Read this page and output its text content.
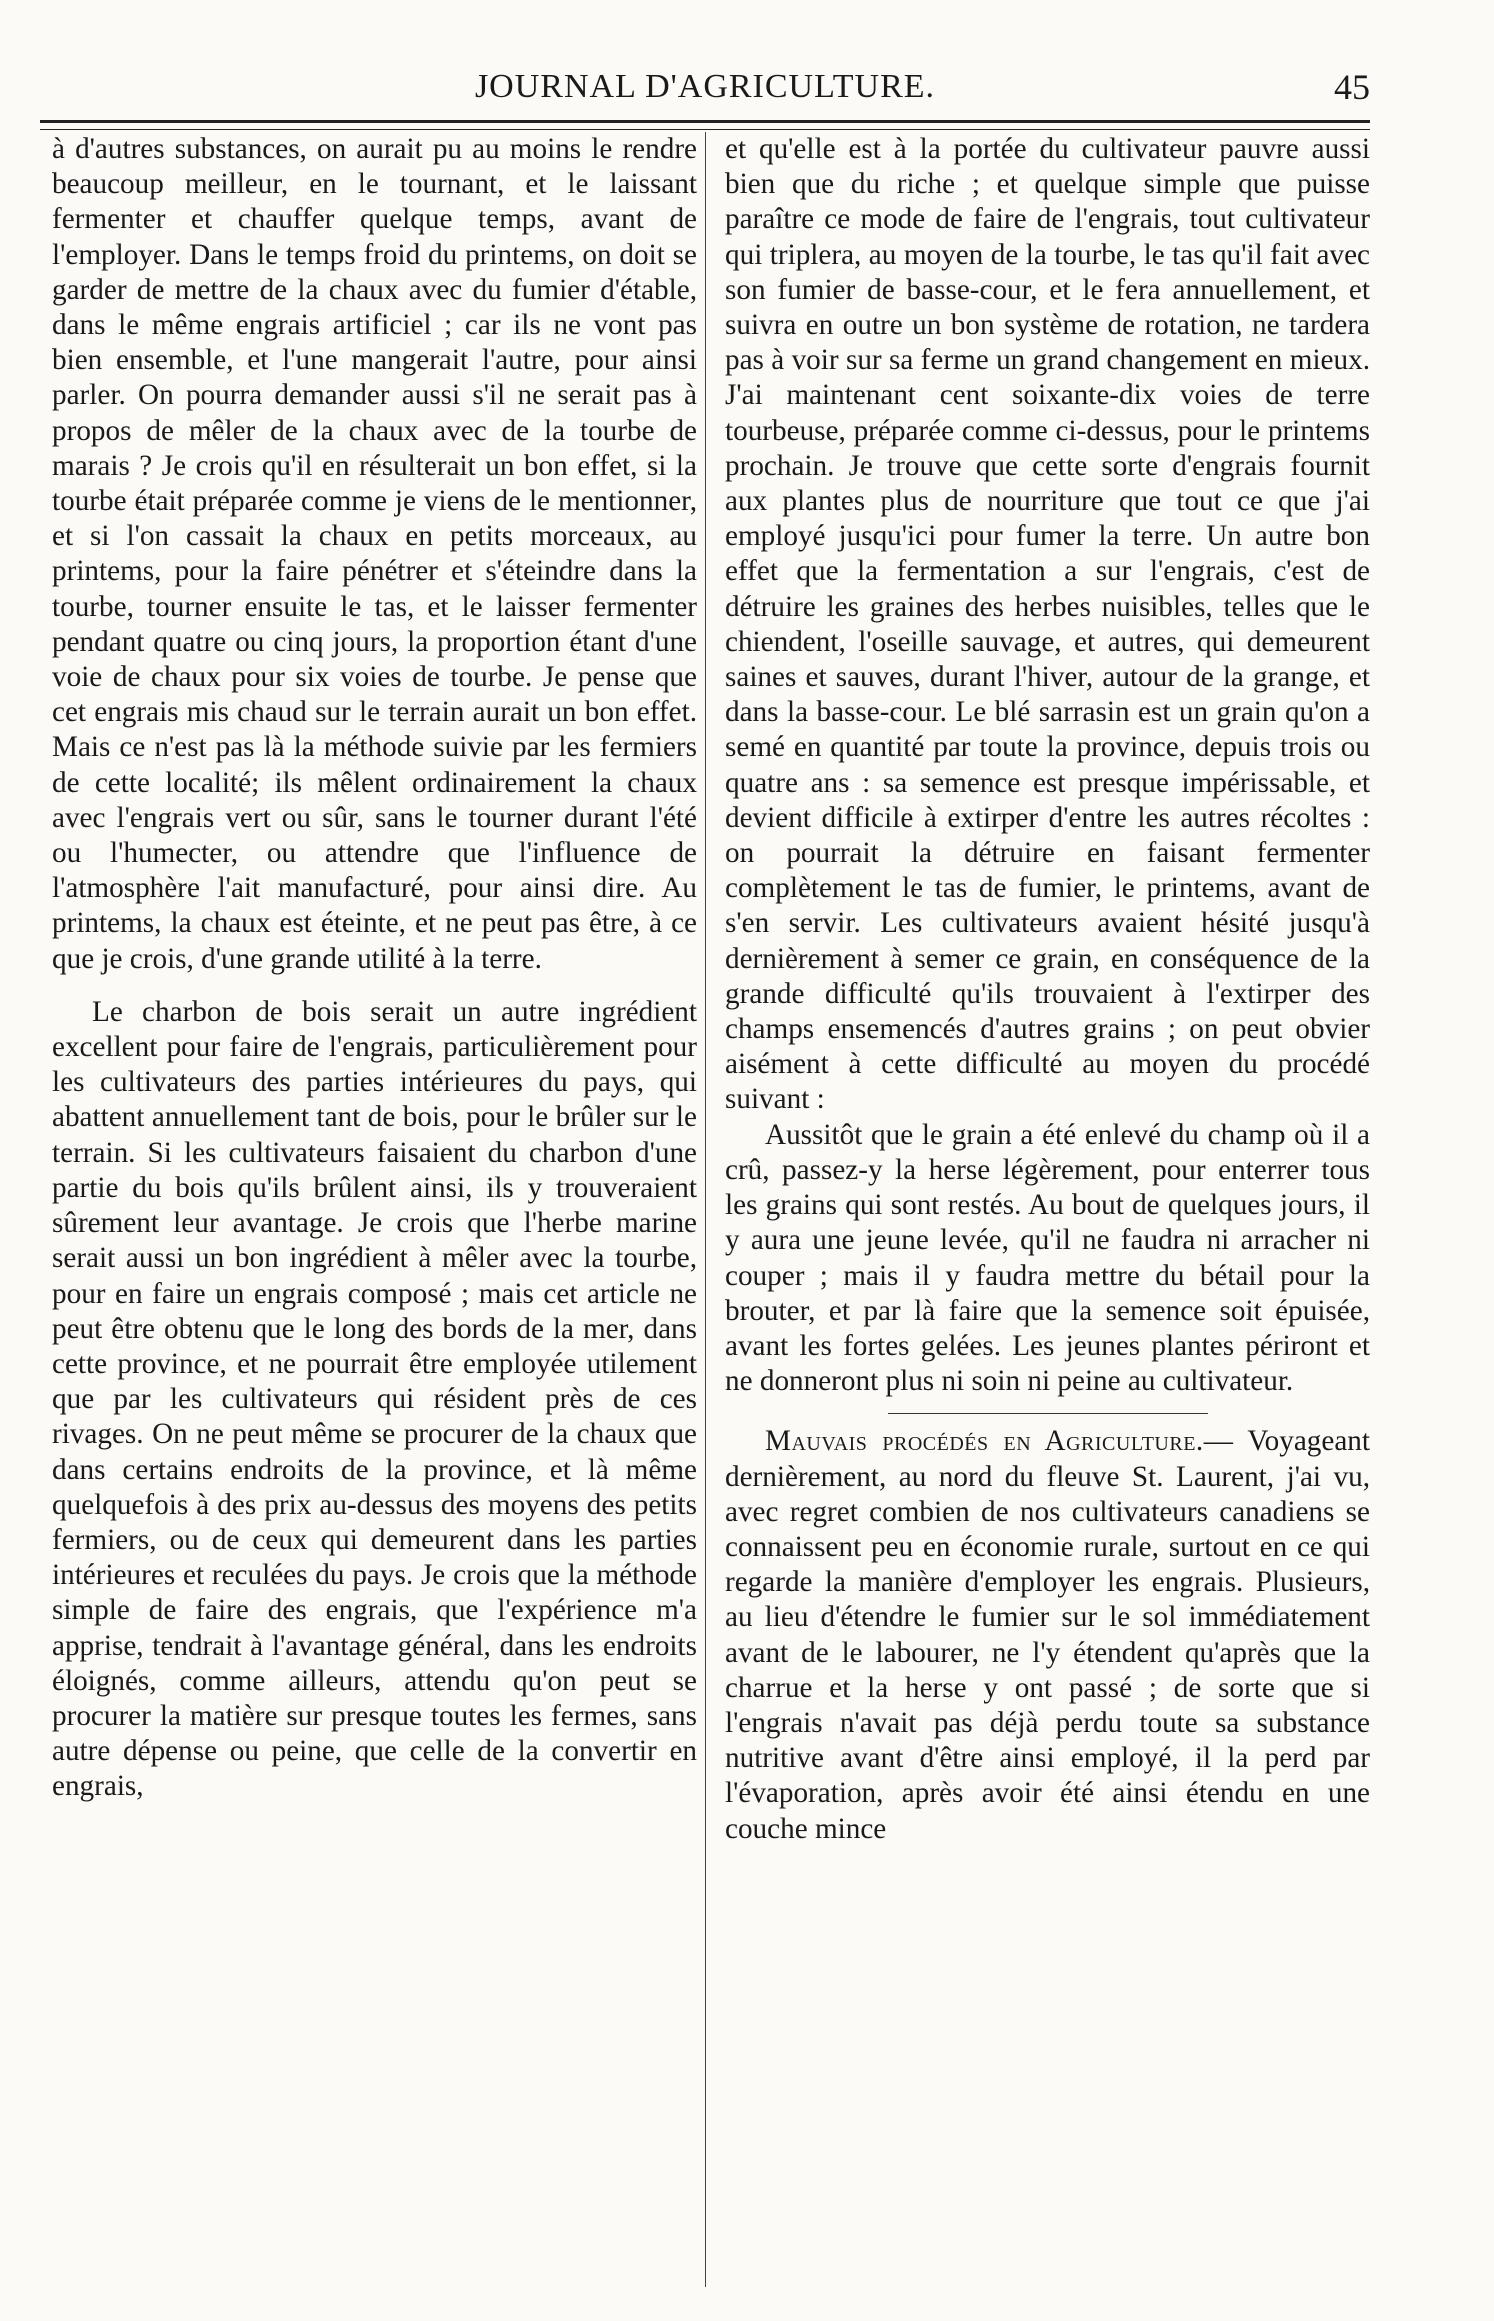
JOURNAL D'AGRICULTURE.	45

à d'autres substances, on aurait pu au moins le rendre beaucoup meilleur, en le tournant, et le laissant fermenter et chauffer quelque temps, avant de l'employer. Dans le temps froid du printems, on doit se garder de mettre de la chaux avec du fumier d'étable, dans le même engrais artificiel ; car ils ne vont pas bien ensemble, et l'une mangerait l'autre, pour ainsi parler. On pourra demander aussi s'il ne serait pas à propos de mêler de la chaux avec de la tourbe de marais ? Je crois qu'il en résulterait un bon effet, si la tourbe était préparée comme je viens de le mentionner, et si l'on cassait la chaux en petits morceaux, au printems, pour la faire pénétrer et s'éteindre dans la tourbe, tourner ensuite le tas, et le laisser fermenter pendant quatre ou cinq jours, la proportion étant d'une voie de chaux pour six voies de tourbe. Je pense que cet engrais mis chaud sur le terrain aurait un bon effet. Mais ce n'est pas là la méthode suivie par les fermiers de cette localité; ils mêlent ordinairement la chaux avec l'engrais vert ou sûr, sans le tourner durant l'été ou l'humecter, ou attendre que l'influence de l'atmosphère l'ait manufacturé, pour ainsi dire. Au printems, la chaux est éteinte, et ne peut pas être, à ce que je crois, d'une grande utilité à la terre.

Le charbon de bois serait un autre ingrédient excellent pour faire de l'engrais, particulièrement pour les cultivateurs des parties intérieures du pays, qui abattent annuellement tant de bois, pour le brûler sur le terrain. Si les cultivateurs faisaient du charbon d'une partie du bois qu'ils brûlent ainsi, ils y trouveraient sûrement leur avantage. Je crois que l'herbe marine serait aussi un bon ingrédient à mêler avec la tourbe, pour en faire un engrais composé ; mais cet article ne peut être obtenu que le long des bords de la mer, dans cette province, et ne pourrait être employée utilement que par les cultivateurs qui résident près de ces rivages. On ne peut même se procurer de la chaux que dans certains endroits de la province, et là même quelquefois à des prix au-dessus des moyens des petits fermiers, ou de ceux qui demeurent dans les parties intérieures et reculées du pays. Je crois que la méthode simple de faire des engrais, que l'expérience m'a apprise, tendrait à l'avantage général, dans les endroits éloignés, comme ailleurs, attendu qu'on peut se procurer la matière sur presque toutes les fermes, sans autre dépense ou peine, que celle de la convertir en engrais,

et qu'elle est à la portée du cultivateur pauvre aussi bien que du riche ; et quelque simple que puisse paraître ce mode de faire de l'engrais, tout cultivateur qui triplera, au moyen de la tourbe, le tas qu'il fait avec son fumier de basse-cour, et le fera annuellement, et suivra en outre un bon système de rotation, ne tardera pas à voir sur sa ferme un grand changement en mieux. J'ai maintenant cent soixante-dix voies de terre tourbeuse, préparée comme ci-dessus, pour le printems prochain. Je trouve que cette sorte d'engrais fournit aux plantes plus de nourriture que tout ce que j'ai employé jusqu'ici pour fumer la terre. Un autre bon effet que la fermentation a sur l'engrais, c'est de détruire les graines des herbes nuisibles, telles que le chiendent, l'oseille sauvage, et autres, qui demeurent saines et sauves, durant l'hiver, autour de la grange, et dans la basse-cour. Le blé sarrasin est un grain qu'on a semé en quantité par toute la province, depuis trois ou quatre ans : sa semence est presque impérissable, et devient difficile à extirper d'entre les autres récoltes : on pourrait la détruire en faisant fermenter complètement le tas de fumier, le printems, avant de s'en servir. Les cultivateurs avaient hésité jusqu'à dernièrement à semer ce grain, en conséquence de la grande difficulté qu'ils trouvaient à l'extirper des champs ensemencés d'autres grains ; on peut obvier aisément à cette difficulté au moyen du procédé suivant :

Aussitôt que le grain a été enlevé du champ où il a crû, passez-y la herse légèrement, pour enterrer tous les grains qui sont restés. Au bout de quelques jours, il y aura une jeune levée, qu'il ne faudra ni arracher ni couper ; mais il y faudra mettre du bétail pour la brouter, et par là faire que la semence soit épuisée, avant les fortes gelées. Les jeunes plantes périront et ne donneront plus ni soin ni peine au cultivateur.

Mauvais procédés en Agriculture.— Voyageant dernièrement, au nord du fleuve St. Laurent, j'ai vu, avec regret combien de nos cultivateurs canadiens se connaissent peu en économie rurale, surtout en ce qui regarde la manière d'employer les engrais. Plusieurs, au lieu d'étendre le fumier sur le sol immédiatement avant de le labourer, ne l'y étendent qu'après que la charrue et la herse y ont passé ; de sorte que si l'engrais n'avait pas déjà perdu toute sa substance nutritive avant d'être ainsi employé, il la perd par l'évaporation, après avoir été ainsi étendu en une couche mince
